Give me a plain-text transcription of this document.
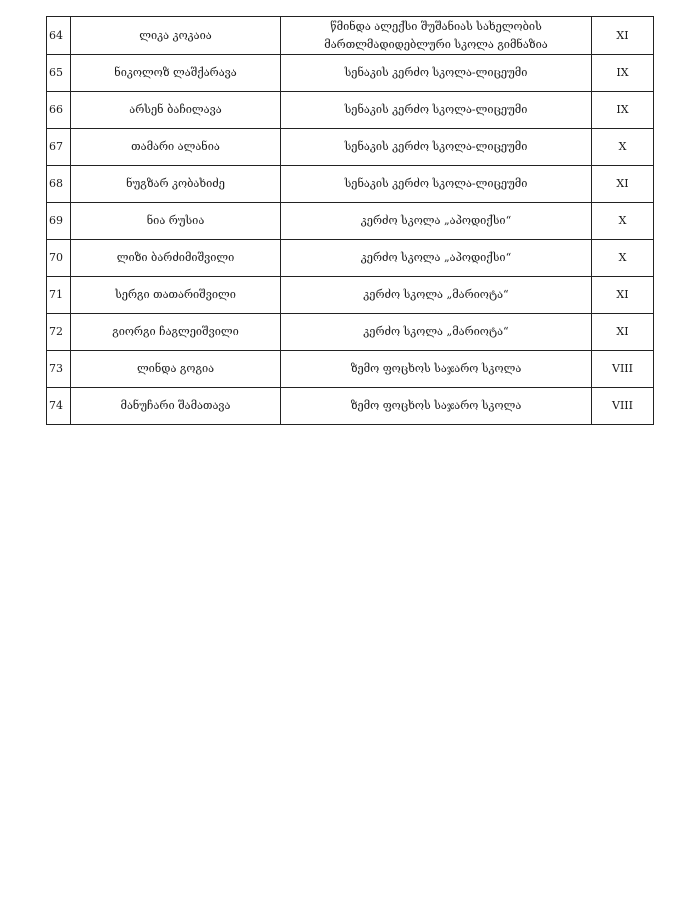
64	ლიკა კოკაია	წმინდა ალექსი შუშანიას სახელობის მართლმადიდებლური სკოლა გიმნაზია	XI
65	ნიკოლოზ ლაშქარავა	სენაკის კერძო სკოლა-ლიცეუმი	IX
66	არსენ ბაჩილავა	სენაკის კერძო სკოლა-ლიცეუმი	IX
67	თამარი ალანია	სენაკის კერძო სკოლა-ლიცეუმი	X
68	ნუგზარ კობახიძე	სენაკის კერძო სკოლა-ლიცეუმი	XI
69	ნია რუსია	კერძო სკოლა „აპოდიქსი“	X
70	ლიზი ბარძიმიშვილი	კერძო სკოლა „აპოდიქსი“	X
71	სერგი თათარიშვილი	კერძო სკოლა „მარიოტა“	XI
72	გიორგი ჩაგლეიშვილი	კერძო სკოლა „მარიოტა“	XI
73	ლინდა გოგია	ზემო ფოცხოს საჯარო სკოლა	VIII
74	მანუჩარი შამათავა	ზემო ფოცხოს საჯარო სკოლა	VIII
